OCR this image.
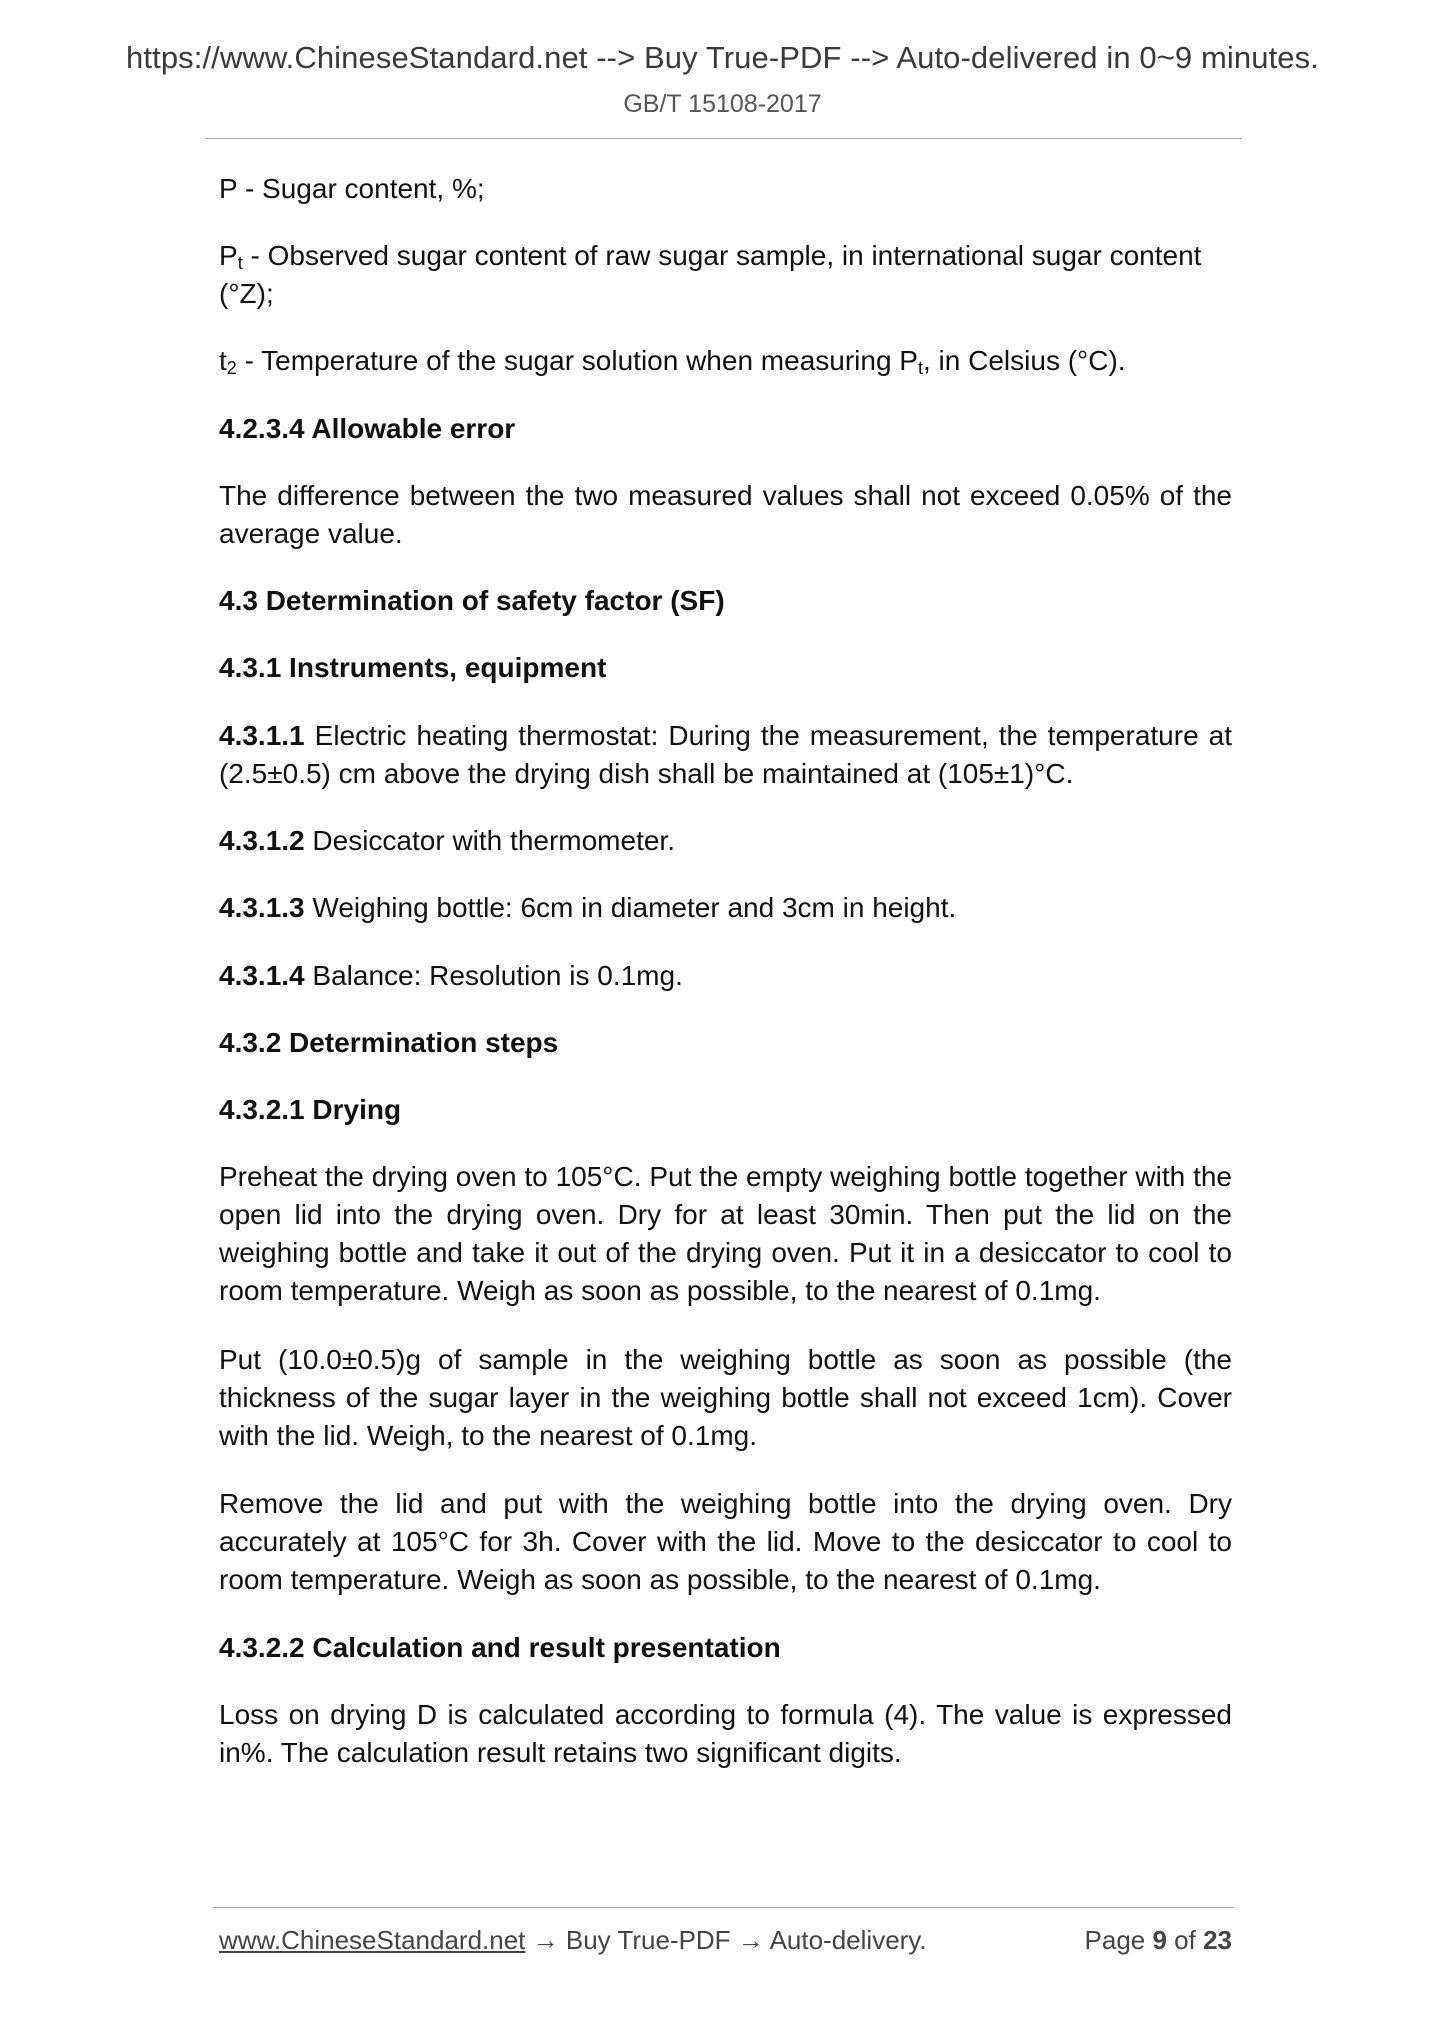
https://www.ChineseStandard.net --> Buy True-PDF --> Auto-delivered in 0~9 minutes.
GB/T 15108-2017
P - Sugar content, %;
$P_t$ - Observed sugar content of raw sugar sample, in international sugar content (°Z);
$t_2$ - Temperature of the sugar solution when measuring $P_t$, in Celsius (°C).
4.2.3.4 Allowable error
The difference between the two measured values shall not exceed 0.05% of the average value.
4.3 Determination of safety factor (SF)
4.3.1 Instruments, equipment
4.3.1.1 Electric heating thermostat: During the measurement, the temperature at (2.5±0.5) cm above the drying dish shall be maintained at (105±1)°C.
4.3.1.2 Desiccator with thermometer.
4.3.1.3 Weighing bottle: 6cm in diameter and 3cm in height.
4.3.1.4 Balance: Resolution is 0.1mg.
4.3.2 Determination steps
4.3.2.1 Drying
Preheat the drying oven to 105°C. Put the empty weighing bottle together with the open lid into the drying oven. Dry for at least 30min. Then put the lid on the weighing bottle and take it out of the drying oven. Put it in a desiccator to cool to room temperature. Weigh as soon as possible, to the nearest of 0.1mg.
Put (10.0±0.5)g of sample in the weighing bottle as soon as possible (the thickness of the sugar layer in the weighing bottle shall not exceed 1cm). Cover with the lid. Weigh, to the nearest of 0.1mg.
Remove the lid and put with the weighing bottle into the drying oven. Dry accurately at 105°C for 3h. Cover with the lid. Move to the desiccator to cool to room temperature. Weigh as soon as possible, to the nearest of 0.1mg.
4.3.2.2 Calculation and result presentation
Loss on drying D is calculated according to formula (4). The value is expressed
in%. The calculation result retains two significant digits.
www.ChineseStandard.net → Buy True-PDF → Auto-delivery.	Page 9 of 23
